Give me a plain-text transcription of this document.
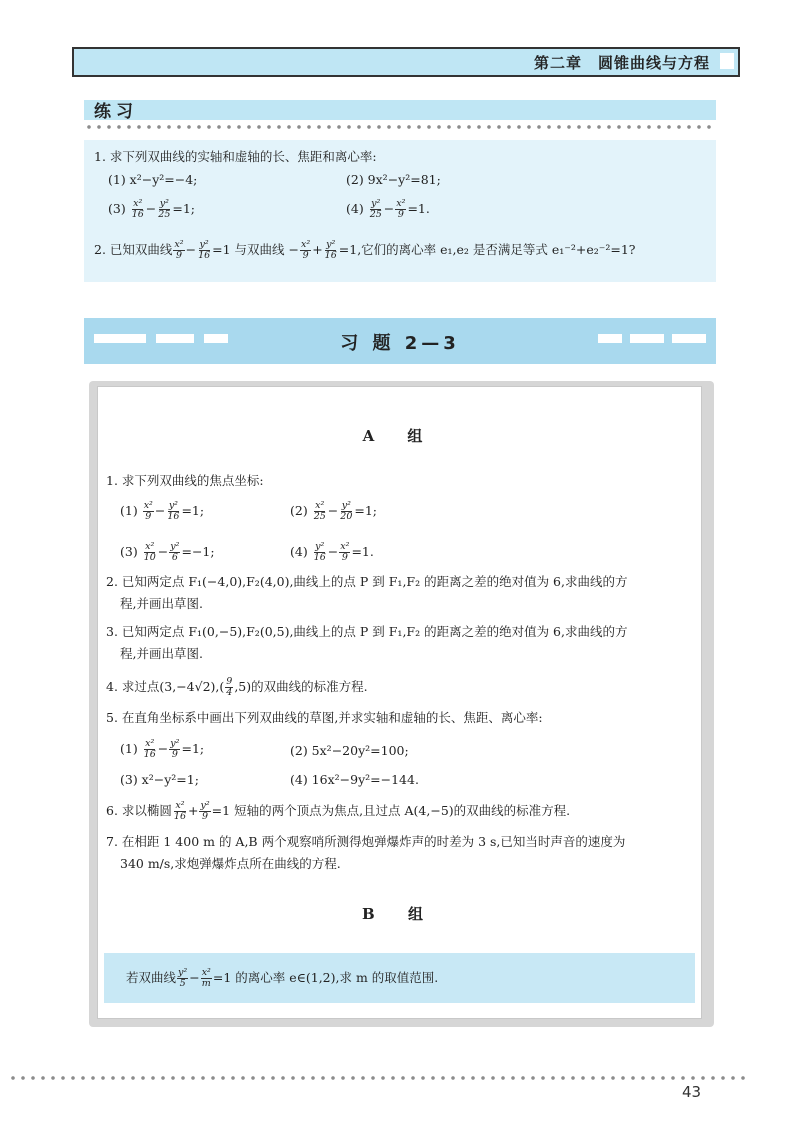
第二章　圆锥曲线与方程
练习
1. 求下列双曲线的实轴和虚轴的长、焦距和离心率:
(1) x²−y²=−4;	(2) 9x²−y²=81;
$(3) \frac{\text{x²}}{16} - \frac{\text{y²}}{25} =1$;	$(4) \frac{\text{y²}}{25} - \frac{\text{x²}}{9} =1$.
2. 已知双曲线 $\frac{\text{x²}}{9} - \frac{\text{y²}}{16} =1$ 与双曲线 − $\frac{\text{x²}}{9} + \frac{\text{y²}}{16} =1$,它们的离心率 e₁,e₂ 是否满足等式 e₁⁻²+e₂⁻²=1?
习 题 2—3
A 组
1. 求下列双曲线的焦点坐标:
$(1) \frac{\text{x²}}{9} - \frac{\text{y²}}{16} =1$;	$(2) \frac{\text{x²}}{25} - \frac{\text{y²}}{20} =1$;
$(3) \frac{\text{x²}}{10} - \frac{\text{y²}}{6} =-1$;	$(4) \frac{\text{y²}}{16} - \frac{\text{x²}}{9} =1$.
2. 已知两定点 F₁(−4,0),F₂(4,0),曲线上的点 P 到 F₁,F₂ 的距离之差的绝对值为 6,求曲线的方
程,并画出草图.
3. 已知两定点 F₁(0,−5),F₂(0,5),曲线上的点 P 到 F₁,F₂ 的距离之差的绝对值为 6,求曲线的方
程,并画出草图.
4. 求过点$(3,-4√2),( \frac{9}{4} ,5)$的双曲线的标准方程.
5. 在直角坐标系中画出下列双曲线的草图,并求实轴和虚轴的长、焦距、离心率:
$(1) \frac{\text{x²}}{16} - \frac{\text{y²}}{9} =1$;	(2) 5x²−20y²=100;
(3) x²−y²=1;	(4) 16x²−9y²=−144.
6. 求以椭圆 $\frac{\text{x²}}{16} + \frac{\text{y²}}{9} =1$ 短轴的两个顶点为焦点,且过点 A(4,−5)的双曲线的标准方程.
7. 在相距 1 400 m 的 A,B 两个观察哨所测得炮弹爆炸声的时差为 3 s,已知当时声音的速度为
340 m/s,求炮弹爆炸点所在曲线的方程.
B 组
若双曲线 $\frac{\text{y²}}{5} - \frac{\text{x²}}{m} =1$ 的离心率 e∈(1,2),求 m 的取值范围.
43
